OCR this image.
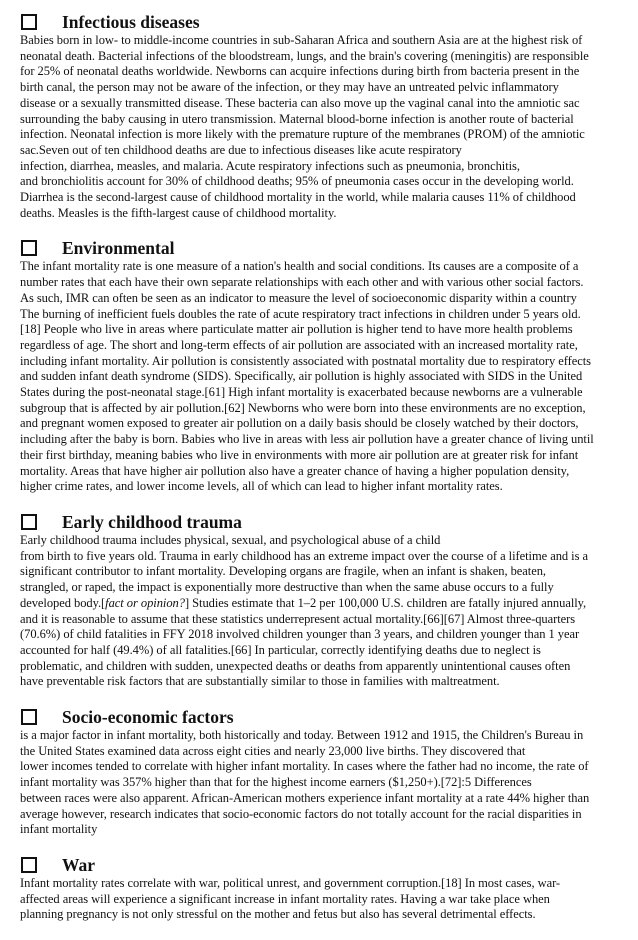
Infectious diseases

Babies born in low- to middle-income countries in sub-Saharan Africa and southern Asia are at the highest risk of
neonatal death. Bacterial infections of the bloodstream, lungs, and the brain's covering (meningitis) are responsible
for 25% of neonatal deaths worldwide. Newborns can acquire infections during birth from bacteria present in the
birth canal, the person may not be aware of the infection, or they may have an untreated pelvic inflammatory
disease or a sexually transmitted disease. These bacteria can also move up the vaginal canal into the amniotic sac
surrounding the baby causing in utero transmission. Maternal blood-borne infection is another route of bacterial
infection. Neonatal infection is more likely with the premature rupture of the membranes (PROM) of the amniotic
sac.Seven out of ten childhood deaths are due to infectious diseases like acute respiratory
infection, diarrhea, measles, and malaria. Acute respiratory infections such as pneumonia, bronchitis,
and bronchiolitis account for 30% of childhood deaths; 95% of pneumonia cases occur in the developing world.
Diarrhea is the second-largest cause of childhood mortality in the world, while malaria causes 11% of childhood
deaths. Measles is the fifth-largest cause of childhood mortality.

Environmental

The infant mortality rate is one measure of a nation's health and social conditions. Its causes are a composite of a
number rates that each have their own separate relationships with each other and with various other social factors.
As such, IMR can often be seen as an indicator to measure the level of socioeconomic disparity within a country
The burning of inefficient fuels doubles the rate of acute respiratory tract infections in children under 5 years old.
[18] People who live in areas where particulate matter air pollution is higher tend to have more health problems
regardless of age. The short and long-term effects of air pollution are associated with an increased mortality rate,
including infant mortality. Air pollution is consistently associated with postnatal mortality due to respiratory effects
and sudden infant death syndrome (SIDS). Specifically, air pollution is highly associated with SIDS in the United
States during the post-neonatal stage.[61] High infant mortality is exacerbated because newborns are a vulnerable
subgroup that is affected by air pollution.[62] Newborns who were born into these environments are no exception,
and pregnant women exposed to greater air pollution on a daily basis should be closely watched by their doctors,
including after the baby is born. Babies who live in areas with less air pollution have a greater chance of living until
their first birthday, meaning babies who live in environments with more air pollution are at greater risk for infant
mortality. Areas that have higher air pollution also have a greater chance of having a higher population density,
higher crime rates, and lower income levels, all of which can lead to higher infant mortality rates.

Early childhood trauma

Early childhood trauma includes physical, sexual, and psychological abuse of a child
from birth to five years old. Trauma in early childhood has an extreme impact over the course of a lifetime and is a
significant contributor to infant mortality. Developing organs are fragile, when an infant is shaken, beaten,
strangled, or raped, the impact is exponentially more destructive than when the same abuse occurs to a fully
developed body.[fact or opinion?] Studies estimate that 1–2 per 100,000 U.S. children are fatally injured annually,
and it is reasonable to assume that these statistics underrepresent actual mortality.[66][67] Almost three-quarters
(70.6%) of child fatalities in FFY 2018 involved children younger than 3 years, and children younger than 1 year
accounted for half (49.4%) of all fatalities.[66] In particular, correctly identifying deaths due to neglect is
problematic, and children with sudden, unexpected deaths or deaths from apparently unintentional causes often
have preventable risk factors that are substantially similar to those in families with maltreatment.

Socio-economic factors

is a major factor in infant mortality, both historically and today. Between 1912 and 1915, the Children's Bureau in
the United States examined data across eight cities and nearly 23,000 live births. They discovered that
lower incomes tended to correlate with higher infant mortality. In cases where the father had no income, the rate of
infant mortality was 357% higher than that for the highest income earners ($1,250+).[72]:5 Differences
between races were also apparent. African-American mothers experience infant mortality at a rate 44% higher than
average however, research indicates that socio-economic factors do not totally account for the racial disparities in
infant mortality

War

Infant mortality rates correlate with war, political unrest, and government corruption.[18] In most cases, war-
affected areas will experience a significant increase in infant mortality rates. Having a war take place when
planning pregnancy is not only stressful on the mother and fetus but also has several detrimental effects.
